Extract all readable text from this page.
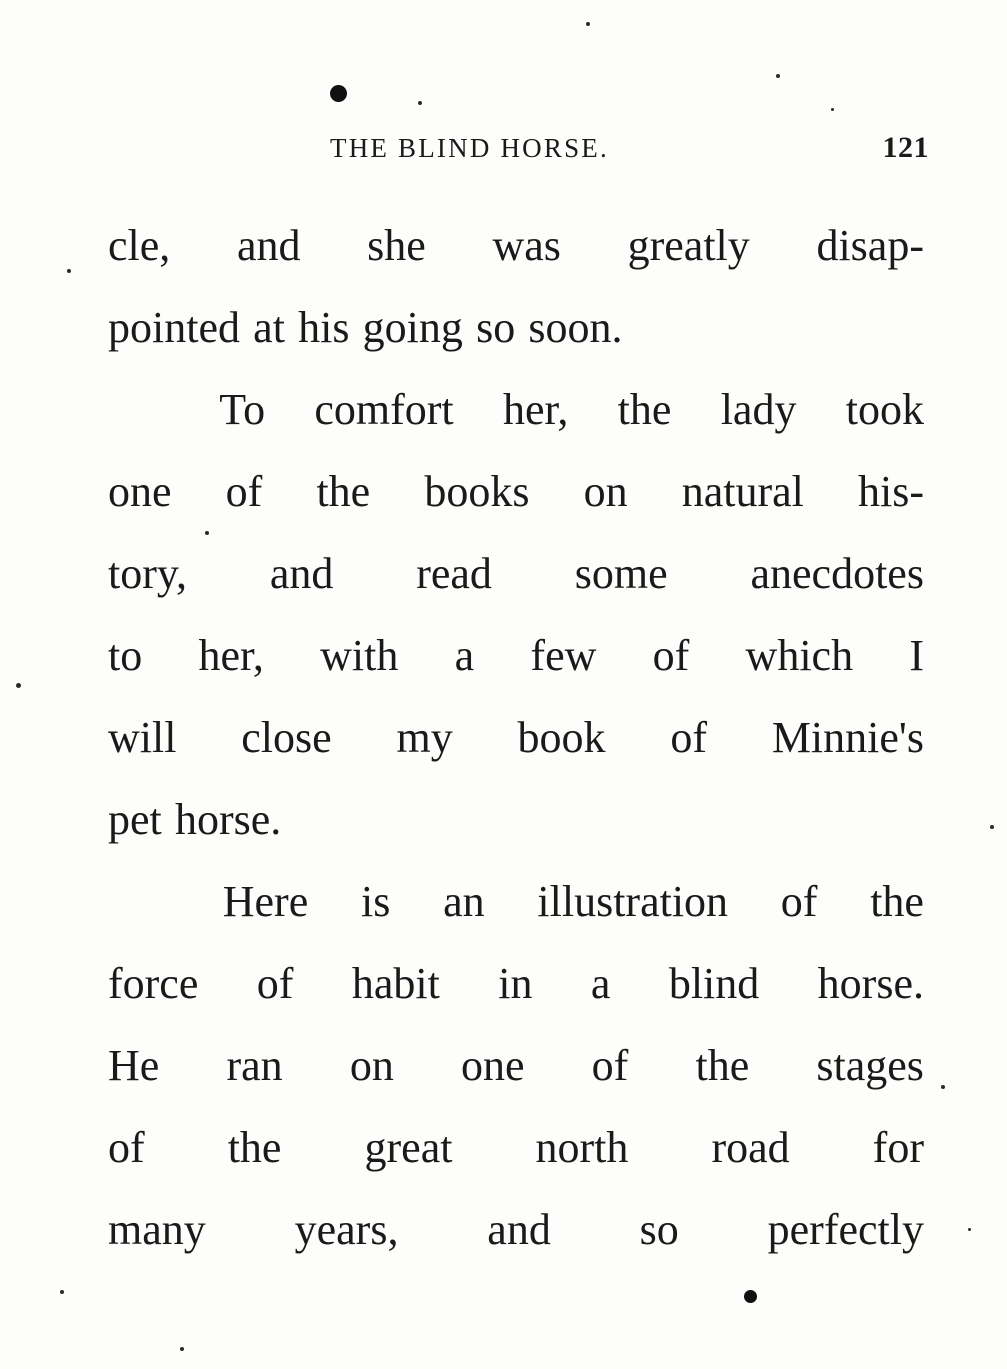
THE BLIND HORSE.	121
cle, and she was greatly disap-
pointed at his going so soon.
To comfort her, the lady took
one of the books on natural his-
tory, and read some anecdotes
to her, with a few of which I
will close my book of Minnie's
pet horse.
Here is an illustration of the
force of habit in a blind horse.
He ran on one of the stages
of the great north road for
many years, and so perfectly
